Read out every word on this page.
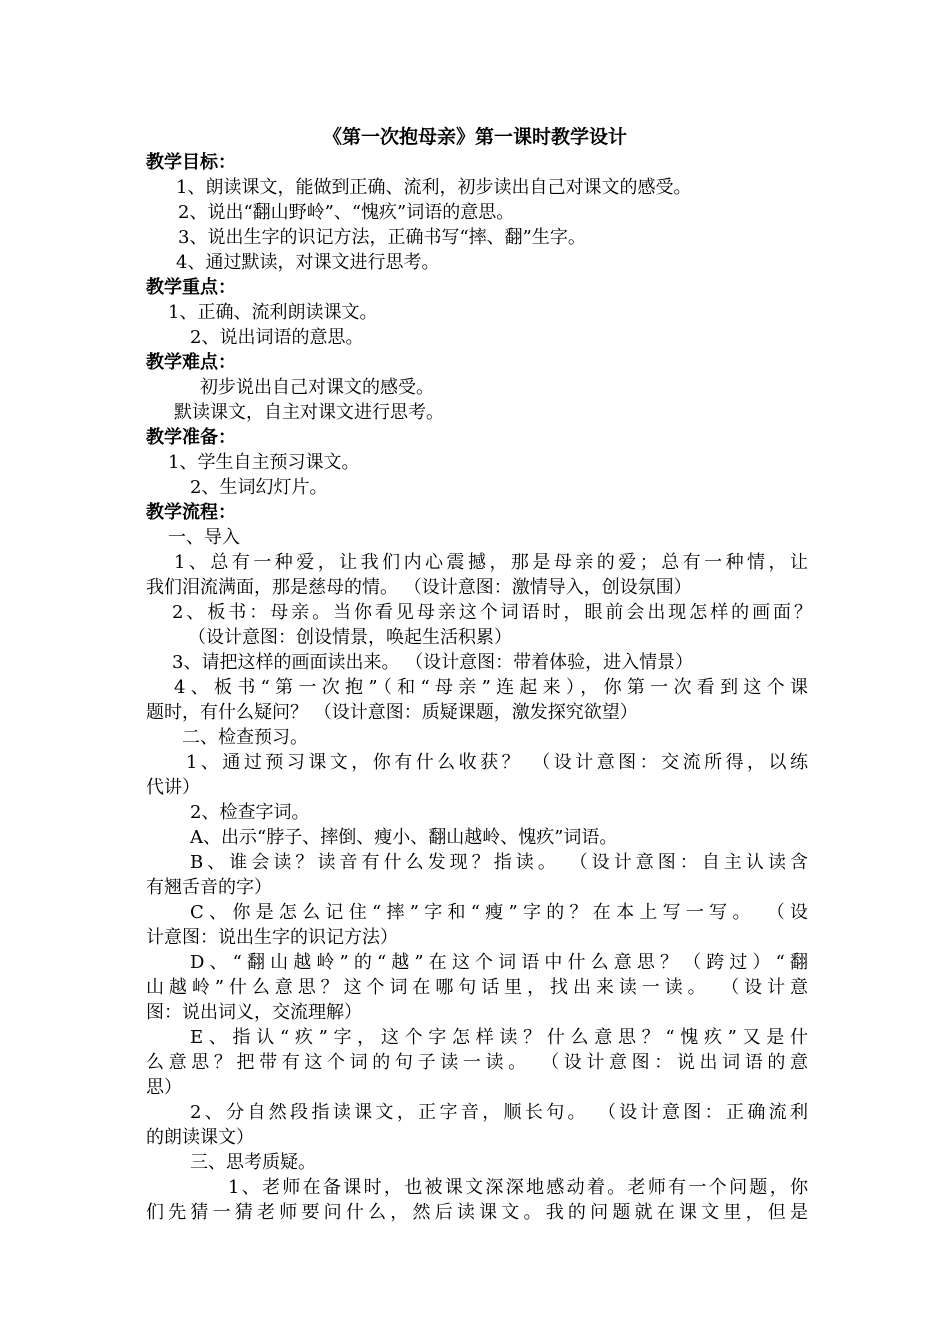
《第一次抱母亲》第一课时教学设计
教学目标：
1、朗读课文，能做到正确、流利，初步读出自己对课文的感受。
2、说出“翻山野岭”、“愧疚”词语的意思。
3、说出生字的识记方法，正确书写“摔、翻”生字。
4、通过默读，对课文进行思考。
教学重点：
1、正确、流利朗读课文。
2、说出词语的意思。
教学难点：
初步说出自己对课文的感受。
默读课文，自主对课文进行思考。
教学准备：
1、学生自主预习课文。
2、生词幻灯片。
教学流程：
一、导入
1、总有一种爱，让我们内心震撼，那是母亲的爱；总有一种情，让
我们泪流满面，那是慈母的情。 （设计意图：激情导入，创设氛围）
2、板书：母亲。当你看见母亲这个词语时，眼前会出现怎样的画面？
（设计意图：创设情景，唤起生活积累）
3、请把这样的画面读出来。 （设计意图：带着体验，进入情景）
4、板书“第一次抱”（和“母亲”连起来），你第一次看到这个课
题时，有什么疑问？ （设计意图：质疑课题，激发探究欲望）
二、检查预习。
1、通过预习课文，你有什么收获？ （设计意图：交流所得，以练
代讲）
2、检查字词。
A、出示“脖子、摔倒、瘦小、翻山越岭、愧疚”词语。
B、谁会读？读音有什么发现？指读。 （设计意图：自主认读含
有翘舌音的字）
C、你是怎么记住“摔”字和“瘦”字的？在本上写一写。 （设
计意图：说出生字的识记方法）
D、“翻山越岭”的“越”在这个词语中什么意思？（跨过）“翻
山越岭”什么意思？这个词在哪句话里，找出来读一读。 （设计意
图：说出词义，交流理解）
E、指认“疚”字，这个字怎样读？什么意思？“愧疚”又是什
么意思？把带有这个词的句子读一读。 （设计意图：说出词语的意
思）
2、分自然段指读课文，正字音，顺长句。 （设计意图：正确流利
的朗读课文）
三、思考质疑。
1、老师在备课时，也被课文深深地感动着。老师有一个问题，你
们先猜一猜老师要问什么，然后读课文。我的问题就在课文里，但是
